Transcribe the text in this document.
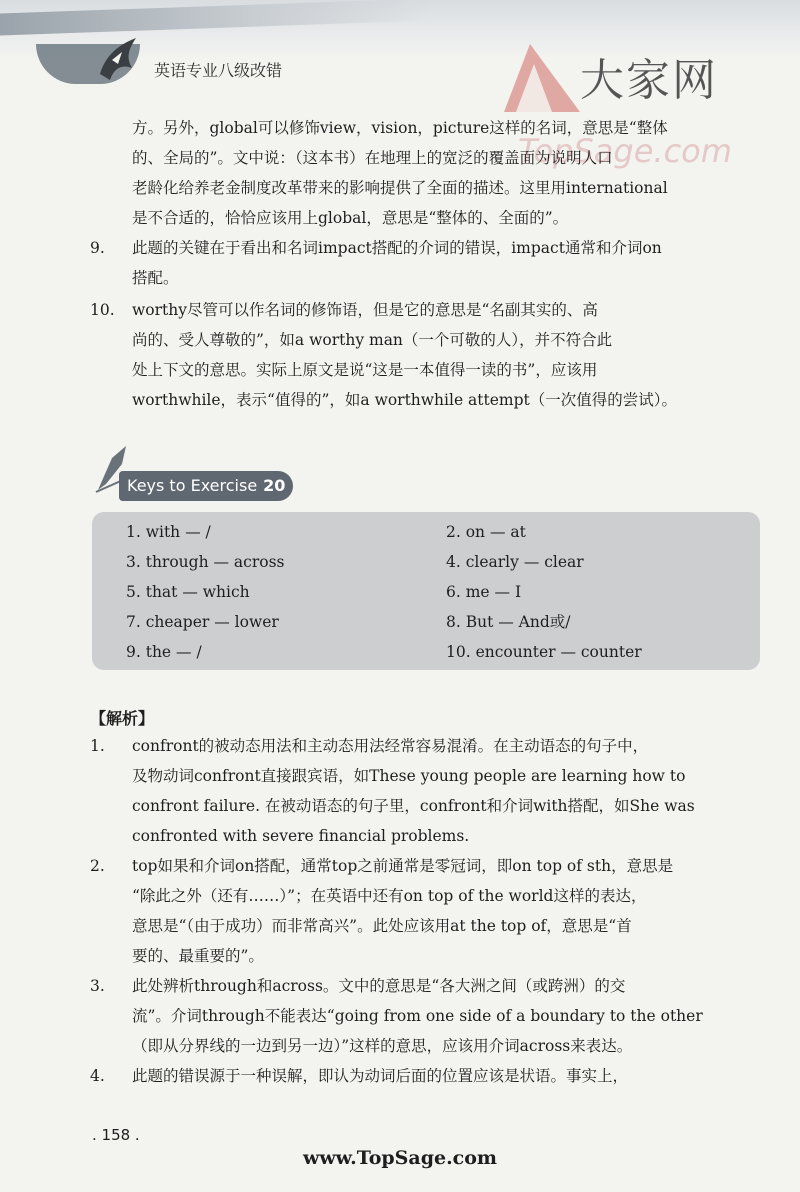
英语专业八级改错	大家网
TopSage.com
方。另外，global可以修饰view，vision，picture这样的名词，意思是“整体
的、全局的”。文中说：（这本书）在地理上的宽泛的覆盖面为说明人口
老龄化给养老金制度改革带来的影响提供了全面的描述。这里用international
是不合适的，恰恰应该用上global，意思是“整体的、全面的”。
9. 此题的关键在于看出和名词impact搭配的介词的错误，impact通常和介词on
搭配。
10. worthy尽管可以作名词的修饰语，但是它的意思是“名副其实的、高
尚的、受人尊敬的”，如a worthy man（一个可敬的人），并不符合此
处上下文的意思。实际上原文是说“这是一本值得一读的书”，应该用
worthwhile，表示“值得的”，如a worthwhile attempt（一次值得的尝试）。
Keys to Exercise 20
1. with — /	2. on — at
3. through — across	4. clearly — clear
5. that — which	6. me — I
7. cheaper — lower	8. But — And或/
9. the — /	10. encounter — counter
【解析】
1. confront的被动态用法和主动态用法经常容易混淆。在主动语态的句子中，
及物动词confront直接跟宾语，如These young people are learning how to
confront failure. 在被动语态的句子里，confront和介词with搭配，如She was
confronted with severe financial problems.
2. top如果和介词on搭配，通常top之前通常是零冠词，即on top of sth，意思是
“除此之外（还有……）”；在英语中还有on top of the world这样的表达，
意思是“（由于成功）而非常高兴”。此处应该用at the top of，意思是“首
要的、最重要的”。
3. 此处辨析through和across。文中的意思是“各大洲之间（或跨洲）的交
流”。介词through不能表达“going from one side of a boundary to the other
（即从分界线的一边到另一边）”这样的意思，应该用介词across来表达。
4. 此题的错误源于一种误解，即认为动词后面的位置应该是状语。事实上，
. 158 .
www.TopSage.com
